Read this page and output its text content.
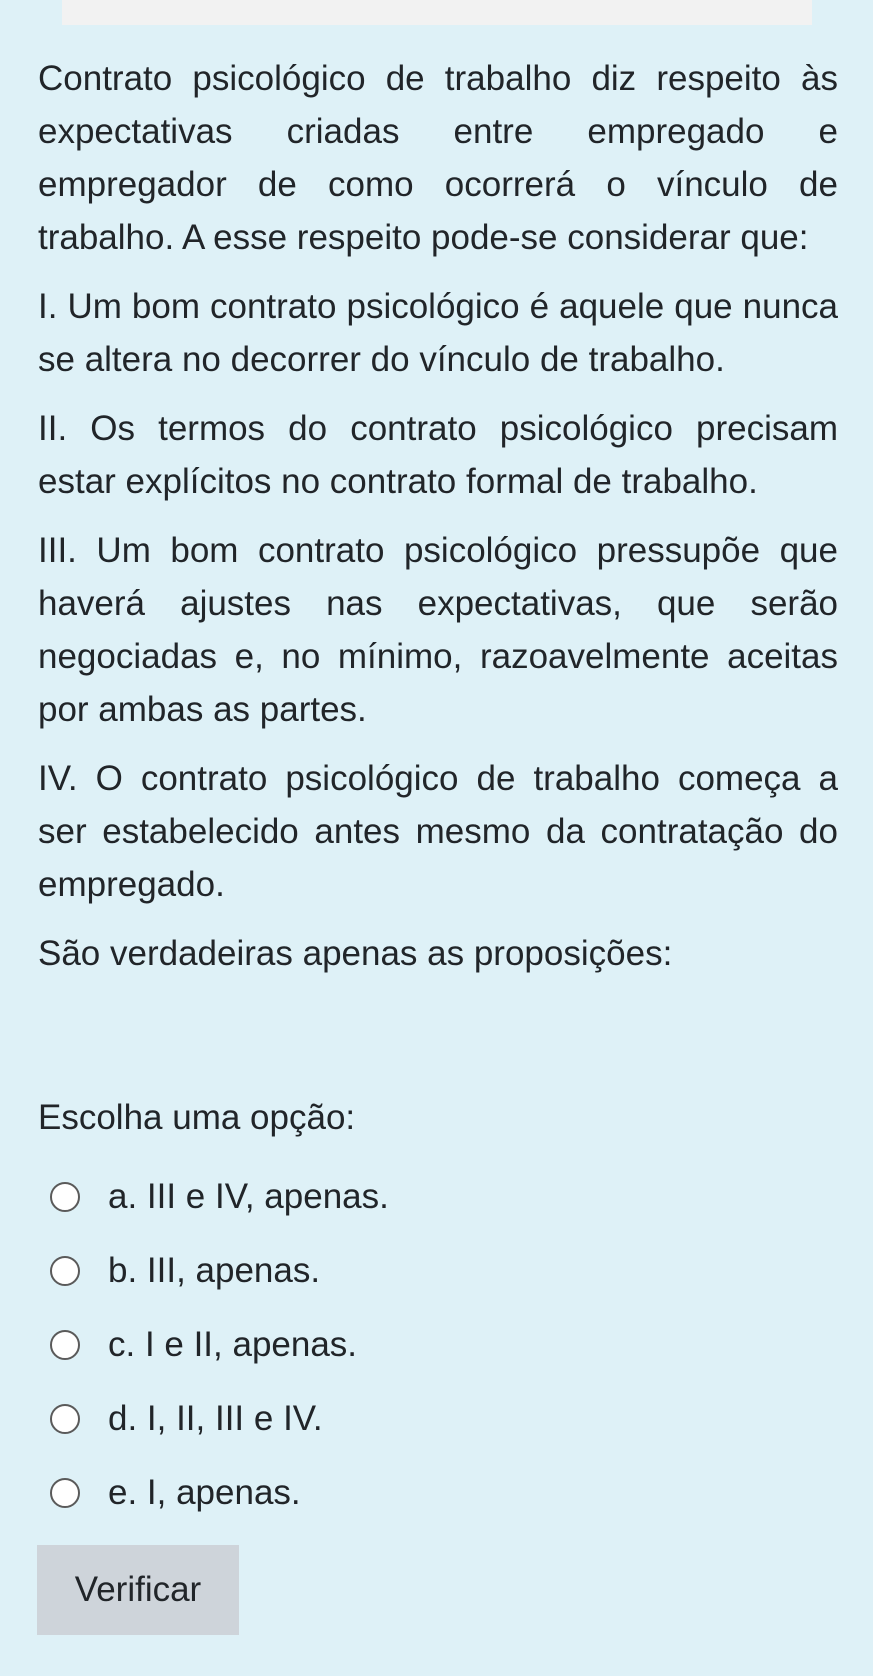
Contrato psicológico de trabalho diz respeito às expectativas criadas entre empregado e empregador de como ocorrerá o vínculo de trabalho. A esse respeito pode-se considerar que:

I. Um bom contrato psicológico é aquele que nunca se altera no decorrer do vínculo de trabalho.

II. Os termos do contrato psicológico precisam estar explícitos no contrato formal de trabalho.

III. Um bom contrato psicológico pressupõe que haverá ajustes nas expectativas, que serão negociadas e, no mínimo, razoavelmente aceitas por ambas as partes.

IV. O contrato psicológico de trabalho começa a ser estabelecido antes mesmo da contratação do empregado.

São verdadeiras apenas as proposições:

Escolha uma opção:
a. III e IV, apenas.
b. III, apenas.
c. I e II, apenas.
d. I, II, III e IV.
e. I, apenas.
Verificar
